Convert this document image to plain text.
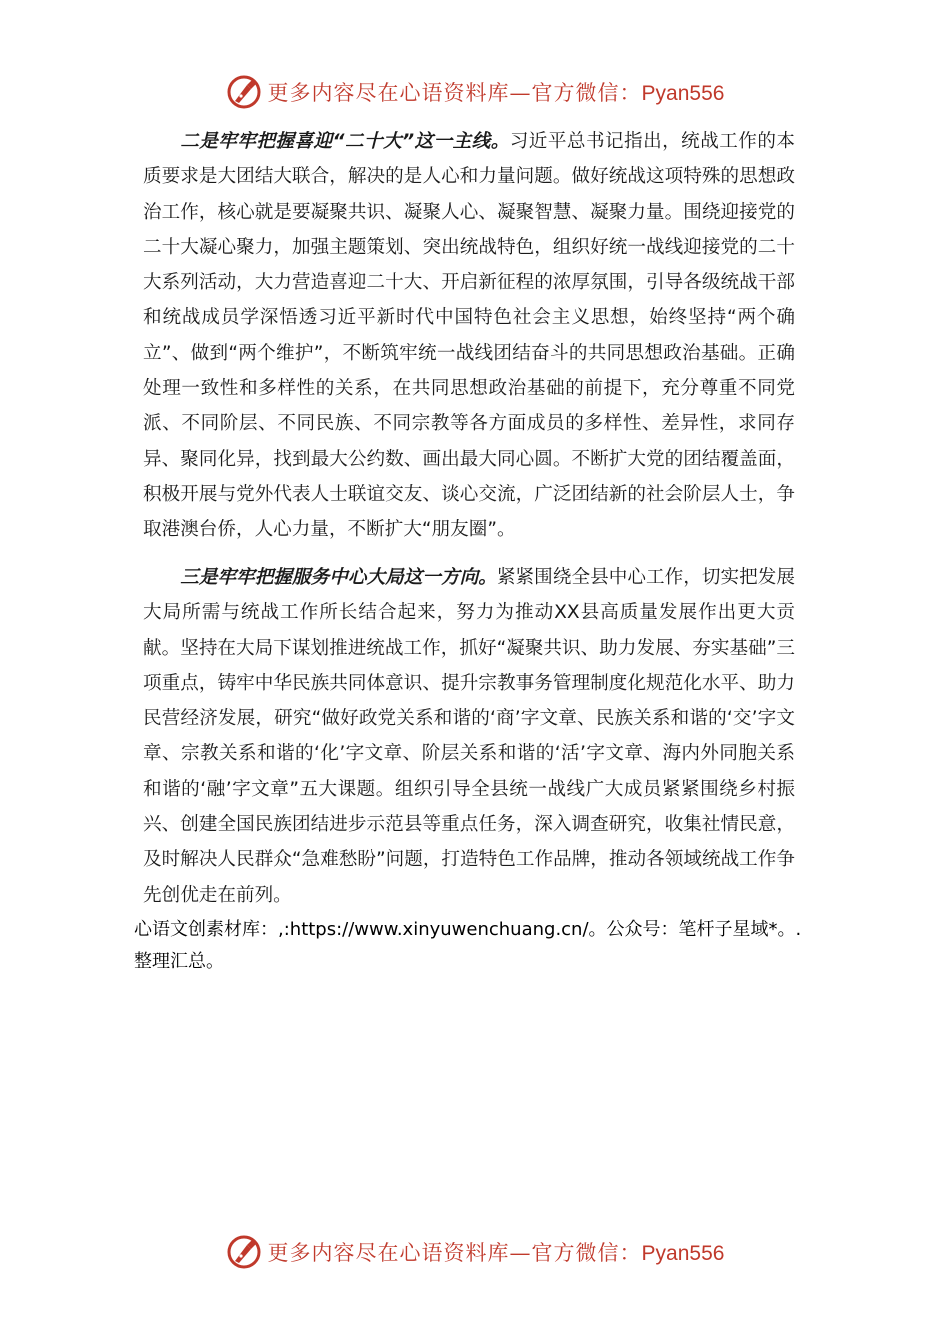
更多内容尽在心语资料库—官方微信：Pyan556

二是牢牢把握喜迎“二十大”这一主线。习近平总书记指出，统战工作的本质要求是大团结大联合，解决的是人心和力量问题。做好统战这项特殊的思想政治工作，核心就是要凝聚共识、凝聚人心、凝聚智慧、凝聚力量。围绕迎接党的二十大凝心聚力，加强主题策划、突出统战特色，组织好统一战线迎接党的二十大系列活动，大力营造喜迎二十大、开启新征程的浓厚氛围，引导各级统战干部和统战成员学深悟透习近平新时代中国特色社会主义思想，始终坚持“两个确立”、做到“两个维护”，不断筑牢统一战线团结奋斗的共同思想政治基础。正确处理一致性和多样性的关系，在共同思想政治基础的前提下，充分尊重不同党派、不同阶层、不同民族、不同宗教等各方面成员的多样性、差异性，求同存异、聚同化异，找到最大公约数、画出最大同心圆。不断扩大党的团结覆盖面，积极开展与党外代表人士联谊交友、谈心交流，广泛团结新的社会阶层人士，争取港澳台侨，人心力量，不断扩大“朋友圈”。

三是牢牢把握服务中心大局这一方向。紧紧围绕全县中心工作，切实把发展大局所需与统战工作所长结合起来，努力为推动XX县高质量发展作出更大贡献。坚持在大局下谋划推进统战工作，抓好“凝聚共识、助力发展、夯实基础”三项重点，铸牢中华民族共同体意识、提升宗教事务管理制度化规范化水平、助力民营经济发展，研究“做好政党关系和谐的‘商’字文章、民族关系和谐的‘交’字文章、宗教关系和谐的‘化’字文章、阶层关系和谐的‘活’字文章、海内外同胞关系和谐的‘融’字文章”五大课题。组织引导全县统一战线广大成员紧紧围绕乡村振兴、创建全国民族团结进步示范县等重点任务，深入调查研究，收集社情民意，及时解决人民群众“急难愁盼”问题，打造特色工作品牌，推动各领域统战工作争先创优走在前列。

心语文创素材库：,:https://www.xinyuwenchuang.cn/。公众号：笔杆子星域*。.整理汇总。

更多内容尽在心语资料库—官方微信：Pyan556
